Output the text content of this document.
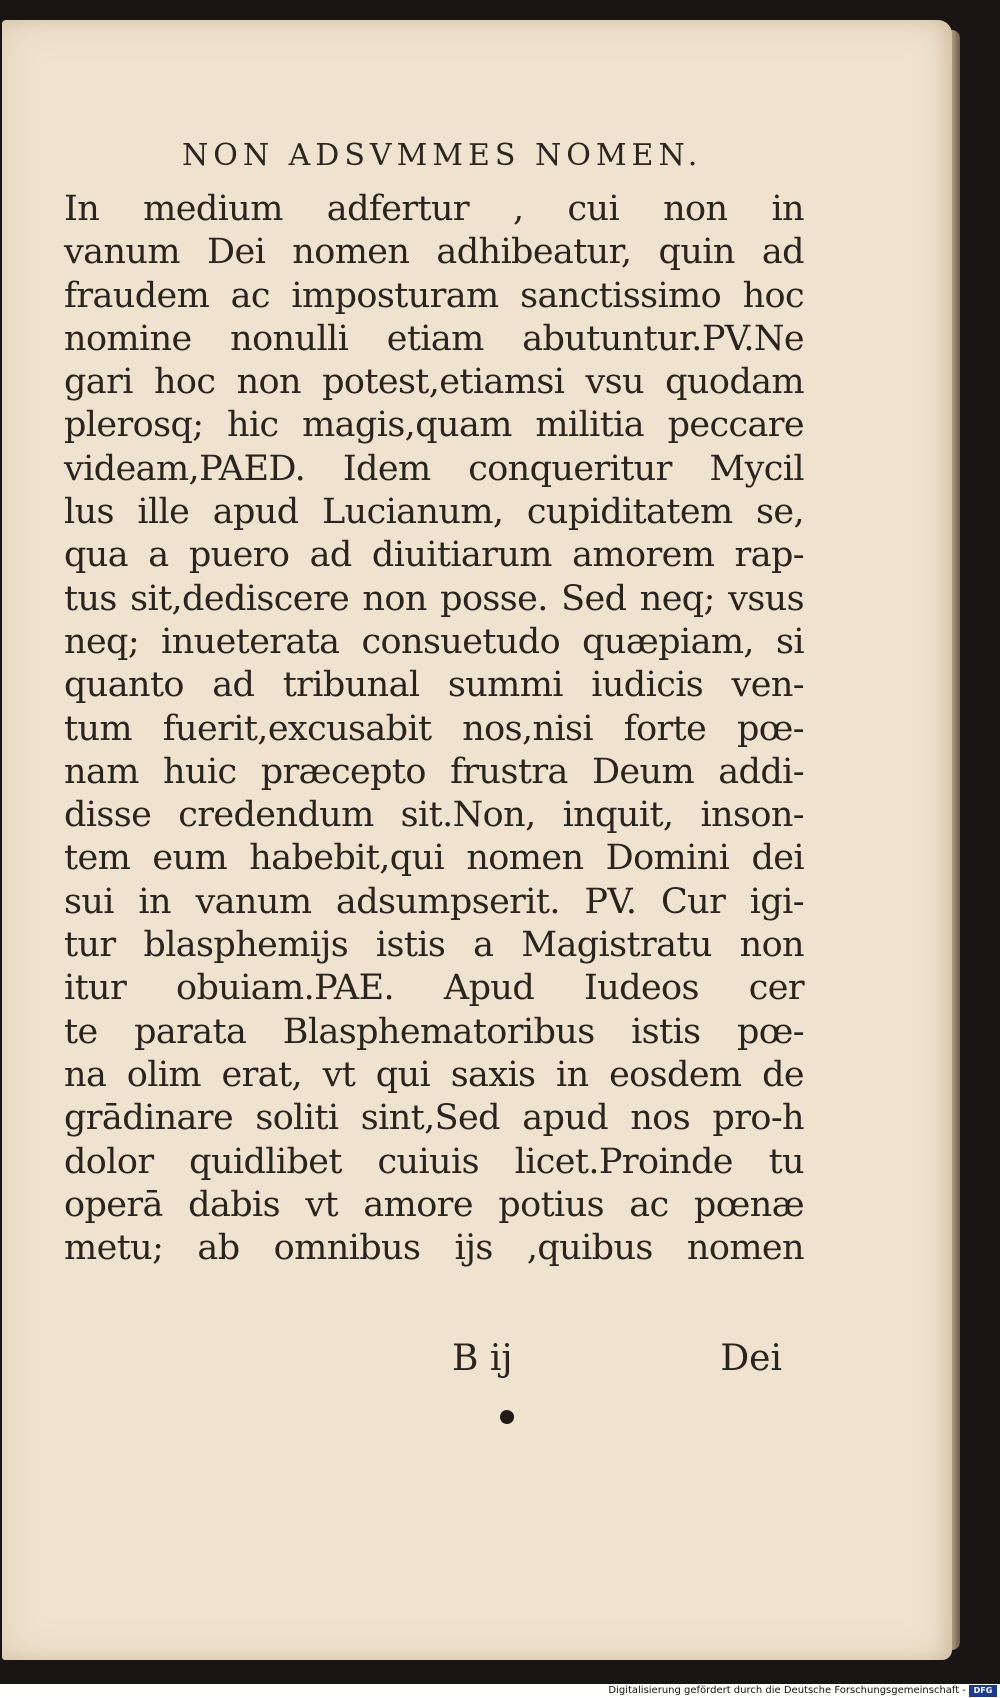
NON ADSVMMES NOMEN.
In medium adfertur , cui non in
vanum Dei nomen adhibeatur, quin ad
fraudem ac imposturam sanctissimo hoc
nomine nonulli etiam abutuntur.PV.Ne
gari hoc non potest,etiamsi vsu quodam
plerosq; hic magis,quam militia peccare
videam,PAED. Idem conqueritur Mycil
lus ille apud Lucianum, cupiditatem se,
qua a puero ad diuitiarum amorem rap-
tus sit,dediscere non posse. Sed neq; vsus
neq; inueterata consuetudo quæpiam, si
quanto ad tribunal summi iudicis ven-
tum fuerit,excusabit nos,nisi forte pœ-
nam huic præcepto frustra Deum addi-
disse credendum sit.Non, inquit, inson-
tem eum habebit,qui nomen Domini dei
sui in vanum adsumpserit. PV. Cur igi-
tur blasphemijs istis a Magistratu non
itur obuiam.PAE. Apud Iudeos cer
te parata Blasphematoribus istis pœ-
na olim erat, vt qui saxis in eosdem de
grādinare soliti sint,Sed apud nos pro-h
dolor quidlibet cuiuis licet.Proinde tu
operā dabis vt amore potius ac pœnæ
metu; ab omnibus ijs ,quibus nomen
B ij	Dei
Digitalisierung gefördert durch die Deutsche Forschungsgemeinschaft - DFG
